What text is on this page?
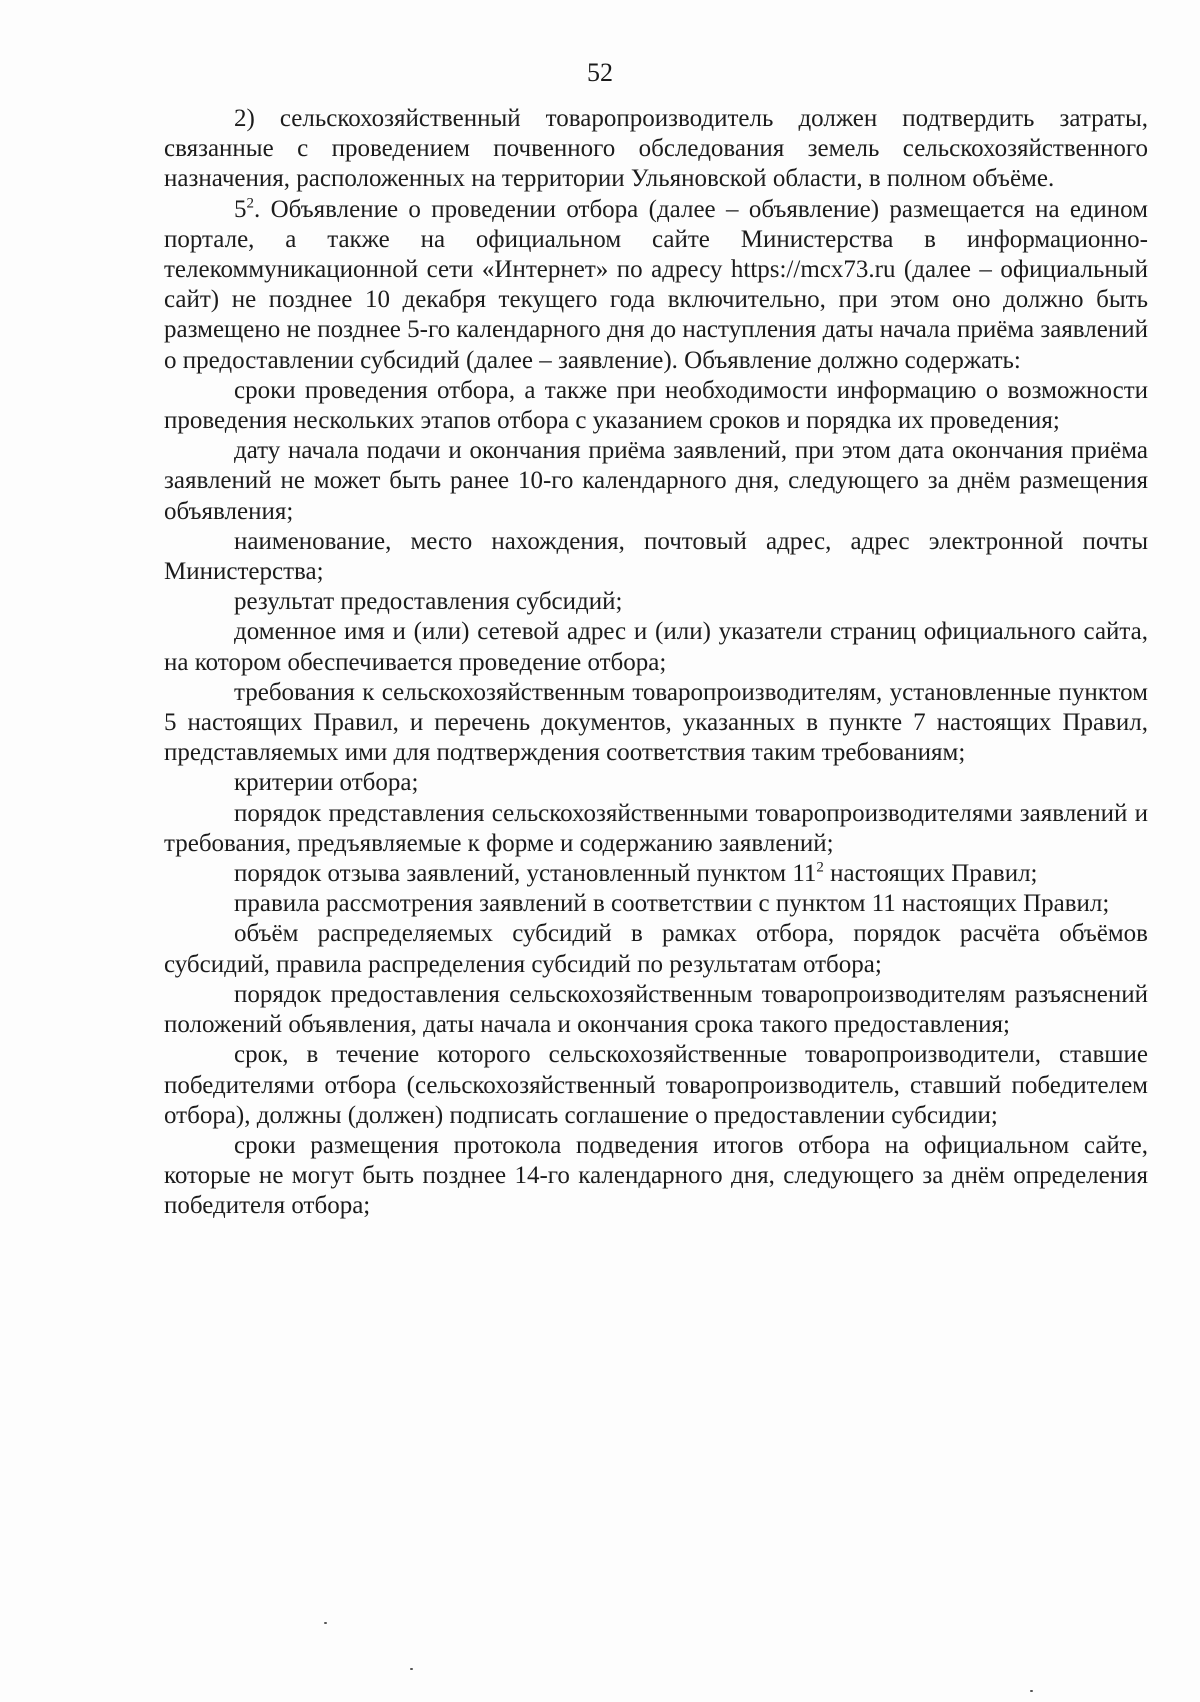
52

2) сельскохозяйственный товаропроизводитель должен подтвердить затраты, связанные с проведением почвенного обследования земель сельскохозяйственного назначения, расположенных на территории Ульяновской области, в полном объёме.

$5^2$. Объявление о проведении отбора (далее – объявление) размещается на едином портале, а также на официальном сайте Министерства в информационно-телекоммуникационной сети «Интернет» по адресу https://mcx73.ru (далее – официальный сайт) не позднее 10 декабря текущего года включительно, при этом оно должно быть размещено не позднее 5-го календарного дня до наступления даты начала приёма заявлений о предоставлении субсидий (далее – заявление). Объявление должно содержать:

сроки проведения отбора, а также при необходимости информацию о возможности проведения нескольких этапов отбора с указанием сроков и порядка их проведения;

дату начала подачи и окончания приёма заявлений, при этом дата окончания приёма заявлений не может быть ранее 10-го календарного дня, следующего за днём размещения объявления;

наименование, место нахождения, почтовый адрес, адрес электронной почты Министерства;

результат предоставления субсидий;

доменное имя и (или) сетевой адрес и (или) указатели страниц официального сайта, на котором обеспечивается проведение отбора;

требования к сельскохозяйственным товаропроизводителям, установленные пунктом 5 настоящих Правил, и перечень документов, указанных в пункте 7 настоящих Правил, представляемых ими для подтверждения соответствия таким требованиям;

критерии отбора;

порядок представления сельскохозяйственными товаропроизводителями заявлений и требования, предъявляемые к форме и содержанию заявлений;

порядок отзыва заявлений, установленный пунктом $11^2$ настоящих Правил;

правила рассмотрения заявлений в соответствии с пунктом 11 настоящих Правил;

объём распределяемых субсидий в рамках отбора, порядок расчёта объёмов субсидий, правила распределения субсидий по результатам отбора;

порядок предоставления сельскохозяйственным товаропроизводителям разъяснений положений объявления, даты начала и окончания срока такого предоставления;

срок, в течение которого сельскохозяйственные товаропроизводители, ставшие победителями отбора (сельскохозяйственный товаропроизводитель, ставший победителем отбора), должны (должен) подписать соглашение о предоставлении субсидии;

сроки размещения протокола подведения итогов отбора на официальном сайте, которые не могут быть позднее 14-го календарного дня, следующего за днём определения победителя отбора;
